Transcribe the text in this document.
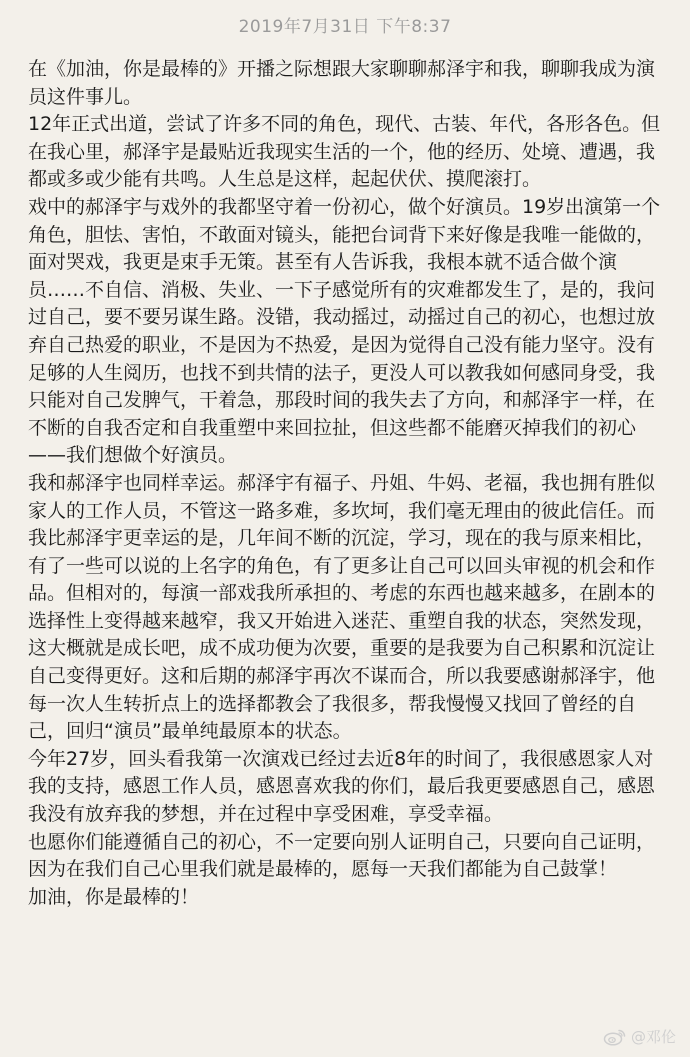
2019年7月31日 下午8:37

在《加油，你是最棒的》开播之际想跟大家聊聊郝泽宇和我，聊聊我成为演员这件事儿。

12年正式出道，尝试了许多不同的角色，现代、古装、年代，各形各色。但在我心里，郝泽宇是最贴近我现实生活的一个，他的经历、处境、遭遇，我都或多或少能有共鸣。人生总是这样，起起伏伏、摸爬滚打。

戏中的郝泽宇与戏外的我都坚守着一份初心，做个好演员。19岁出演第一个角色，胆怯、害怕，不敢面对镜头，能把台词背下来好像是我唯一能做的，面对哭戏，我更是束手无策。甚至有人告诉我，我根本就不适合做个演员……不自信、消极、失业、一下子感觉所有的灾难都发生了，是的，我问过自己，要不要另谋生路。没错，我动摇过，动摇过自己的初心，也想过放弃自己热爱的职业，不是因为不热爱，是因为觉得自己没有能力坚守。没有足够的人生阅历，也找不到共情的法子，更没人可以教我如何感同身受，我只能对自己发脾气，干着急，那段时间的我失去了方向，和郝泽宇一样，在不断的自我否定和自我重塑中来回拉扯，但这些都不能磨灭掉我们的初心——我们想做个好演员。

我和郝泽宇也同样幸运。郝泽宇有福子、丹姐、牛妈、老福，我也拥有胜似家人的工作人员，不管这一路多难，多坎坷，我们毫无理由的彼此信任。而我比郝泽宇更幸运的是，几年间不断的沉淀，学习，现在的我与原来相比，有了一些可以说的上名字的角色，有了更多让自己可以回头审视的机会和作品。但相对的，每演一部戏我所承担的、考虑的东西也越来越多，在剧本的选择性上变得越来越窄，我又开始进入迷茫、重塑自我的状态，突然发现，这大概就是成长吧，成不成功便为次要，重要的是我要为自己积累和沉淀让自己变得更好。这和后期的郝泽宇再次不谋而合，所以我要感谢郝泽宇，他每一次人生转折点上的选择都教会了我很多，帮我慢慢又找回了曾经的自己，回归“演员”最单纯最原本的状态。

今年27岁，回头看我第一次演戏已经过去近8年的时间了，我很感恩家人对我的支持，感恩工作人员，感恩喜欢我的你们，最后我更要感恩自己，感恩我没有放弃我的梦想，并在过程中享受困难，享受幸福。

也愿你们能遵循自己的初心，不一定要向别人证明自己，只要向自己证明，因为在我们自己心里我们就是最棒的，愿每一天我们都能为自己鼓掌！

加油，你是最棒的！

@邓伦
